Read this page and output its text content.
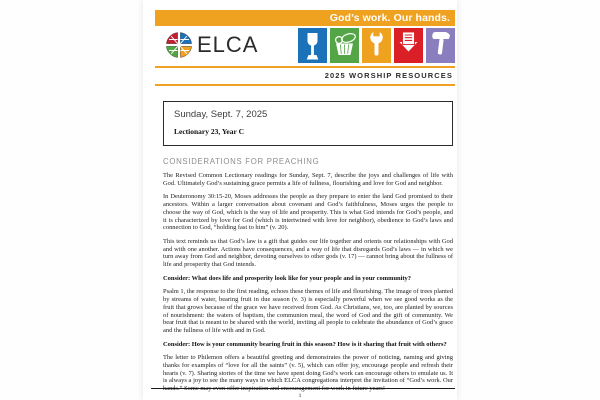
God’s work. Our hands.
ELCA
2025 WORSHIP RESOURCES
Sunday, Sept. 7, 2025
Lectionary 23, Year C
CONSIDERATIONS FOR PREACHING

The Revised Common Lectionary readings for Sunday, Sept. 7, describe the joys and challenges of life with God. Ultimately God’s sustaining grace permits a life of fullness, flourishing and love for God and neighbor.

In Deuteronomy 30:15-20, Moses addresses the people as they prepare to enter the land God promised to their ancestors. Within a larger conversation about covenant and God’s faithfulness, Moses urges the people to choose the way of God, which is the way of life and prosperity. This is what God intends for God’s people, and it is characterized by love for God (which is intertwined with love for neighbor), obedience to God’s laws and connection to God, “holding fast to him” (v. 20).

This text reminds us that God’s law is a gift that guides our life together and orients our relationships with God and with one another. Actions have consequences, and a way of life that disregards God’s laws — in which we turn away from God and neighbor, devoting ourselves to other gods (v. 17) — cannot bring about the fullness of life and prosperity that God intends.

Consider: What does life and prosperity look like for your people and in your community?

Psalm 1, the response to the first reading, echoes these themes of life and flourishing. The image of trees planted by streams of water, bearing fruit in due season (v. 3) is especially powerful when we see good works as the fruit that grows because of the grace we have received from God. As Christians, we, too, are planted by sources of nourishment: the waters of baptism, the communion meal, the word of God and the gift of community. We bear fruit that is meant to be shared with the world, inviting all people to celebrate the abundance of God’s grace and the fullness of life with and in God.

Consider: How is your community bearing fruit in this season? How is it sharing that fruit with others?

The letter to Philemon offers a beautiful greeting and demonstrates the power of noticing, naming and giving thanks for examples of “love for all the saints” (v. 5), which can offer joy, encourage people and refresh their hearts (v. 7). Sharing stories of the time we have spent doing God’s work can encourage others to emulate us. It is always a joy to see the many ways in which ELCA congregations interpret the invitation of “God’s work. Our hands.” Some may even offer inspiration and encouragement for work in future years!

1
